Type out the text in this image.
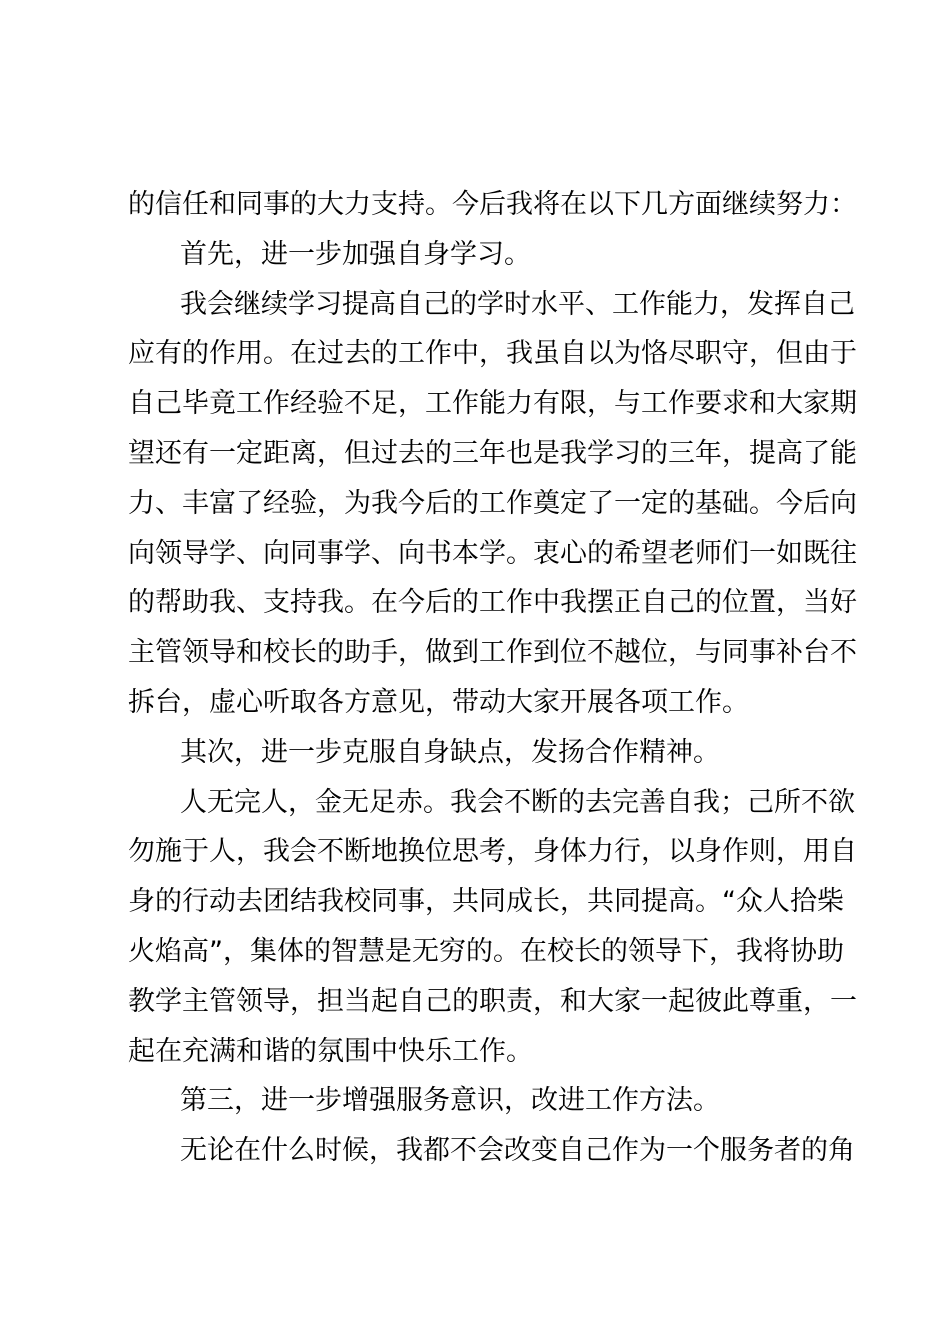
的信任和同事的大力支持。今后我将在以下几方面继续努力：
首先，进一步加强自身学习。
我会继续学习提高自己的学时水平、工作能力，发挥自己
应有的作用。在过去的工作中，我虽自以为恪尽职守，但由于
自己毕竟工作经验不足，工作能力有限，与工作要求和大家期
望还有一定距离，但过去的三年也是我学习的三年，提高了能
力、丰富了经验，为我今后的工作奠定了一定的基础。今后向
向领导学、向同事学、向书本学。衷心的希望老师们一如既往
的帮助我、支持我。在今后的工作中我摆正自己的位置，当好
主管领导和校长的助手，做到工作到位不越位，与同事补台不
拆台，虚心听取各方意见，带动大家开展各项工作。
其次，进一步克服自身缺点，发扬合作精神。
人无完人，金无足赤。我会不断的去完善自我；己所不欲
勿施于人，我会不断地换位思考，身体力行，以身作则，用自
身的行动去团结我校同事，共同成长，共同提高。“众人拾柴
火焰高”，集体的智慧是无穷的。在校长的领导下，我将协助
教学主管领导，担当起自己的职责，和大家一起彼此尊重，一
起在充满和谐的氛围中快乐工作。
第三，进一步增强服务意识，改进工作方法。
无论在什么时候，我都不会改变自己作为一个服务者的角
